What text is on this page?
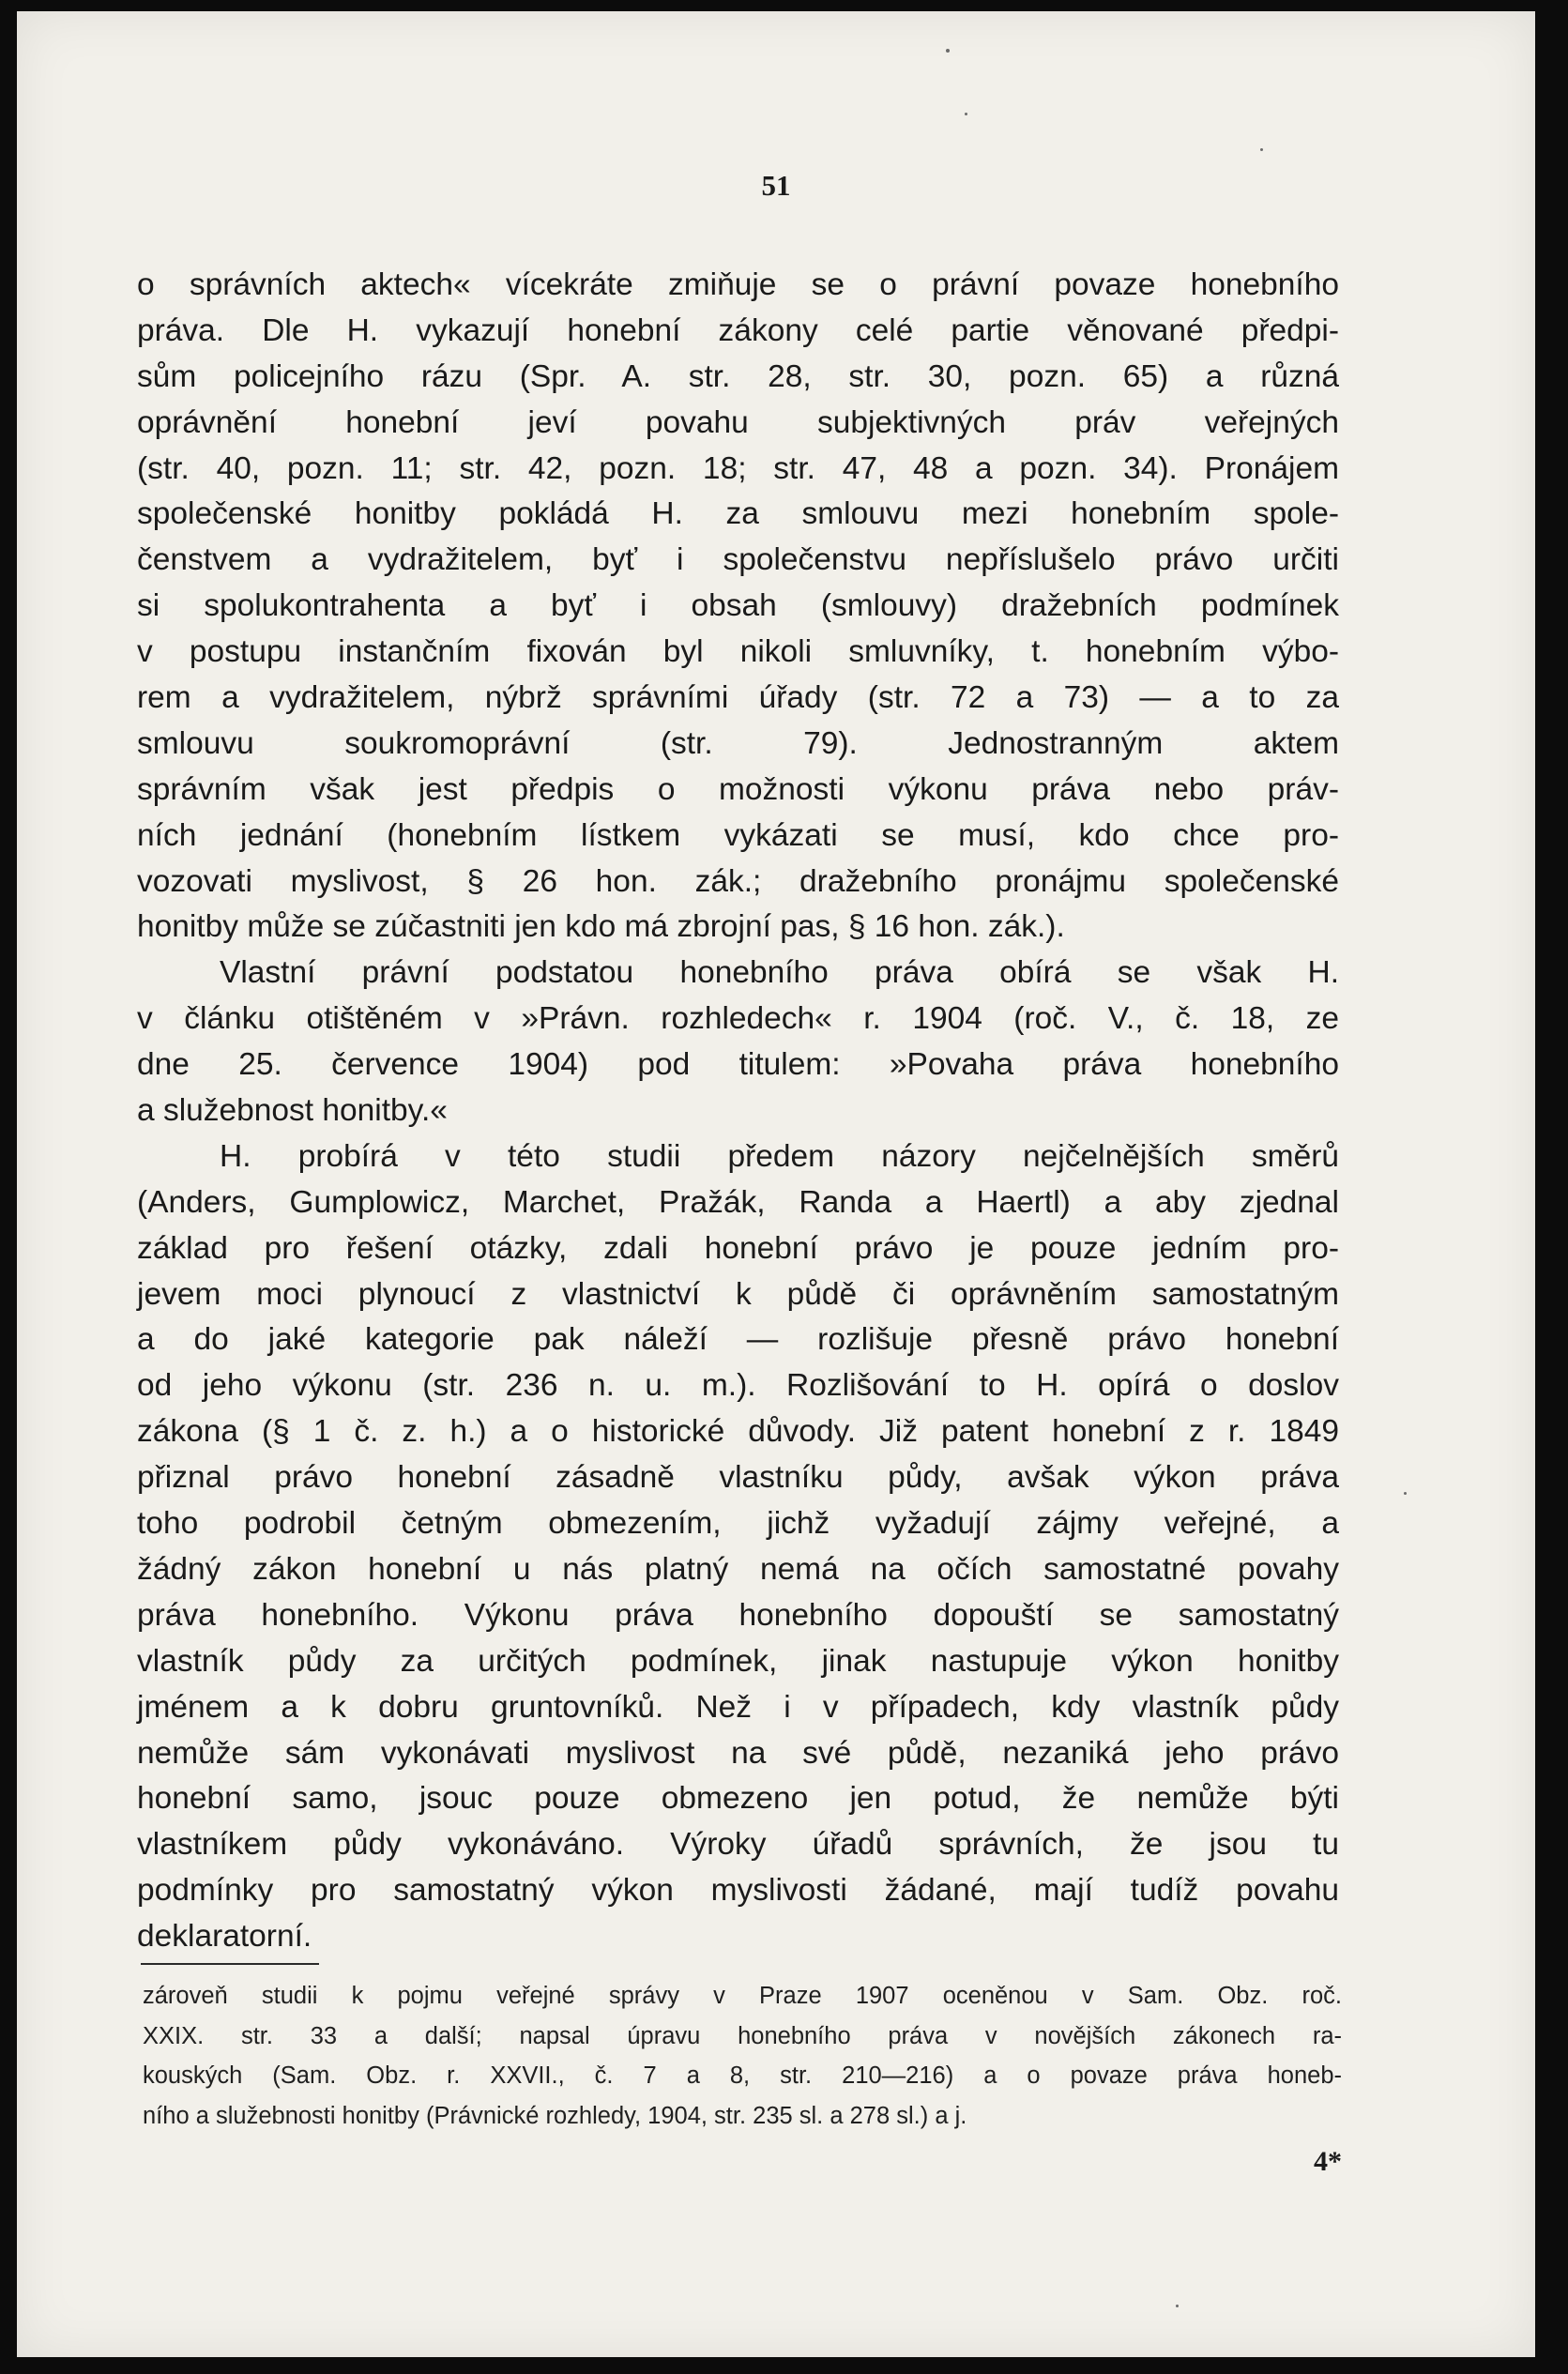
51
o správních aktech« vícekráte zmiňuje se o právní povaze honebního
práva. Dle H. vykazují honební zákony celé partie věnované předpi-
sům policejního rázu (Spr. A. str. 28, str. 30, pozn. 65) a různá
oprávnění honební jeví povahu subjektivných práv veřejných
(str. 40, pozn. 11; str. 42, pozn. 18; str. 47, 48 a pozn. 34). Pronájem
společenské honitby pokládá H. za smlouvu mezi honebním spole-
čenstvem a vydražitelem, byť i společenstvu nepříslušelo právo určiti
si spolukontrahenta a byť i obsah (smlouvy) dražebních podmínek
v postupu instančním fixován byl nikoli smluvníky, t. honebním výbo-
rem a vydražitelem, nýbrž správními úřady (str. 72 a 73) — a to za
smlouvu soukromoprávní (str. 79). Jednostranným aktem
správním však jest předpis o možnosti výkonu práva nebo práv-
ních jednání (honebním lístkem vykázati se musí, kdo chce pro-
vozovati myslivost, § 26 hon. zák.; dražebního pronájmu společenské
honitby může se zúčastniti jen kdo má zbrojní pas, § 16 hon. zák.).
Vlastní právní podstatou honebního práva obírá se však H.
v článku otištěném v »Právn. rozhledech« r. 1904 (roč. V., č. 18, ze
dne 25. července 1904) pod titulem: »Povaha práva honebního
a služebnost honitby.«
H. probírá v této studii předem názory nejčelnějších směrů
(Anders, Gumplowicz, Marchet, Pražák, Randa a Haertl) a aby zjednal
základ pro řešení otázky, zdali honební právo je pouze jedním pro-
jevem moci plynoucí z vlastnictví k půdě či oprávněním samostatným
a do jaké kategorie pak náleží — rozlišuje přesně právo honební
od jeho výkonu (str. 236 n. u. m.). Rozlišování to H. opírá o doslov
zákona (§ 1 č. z. h.) a o historické důvody. Již patent honební z r. 1849
přiznal právo honební zásadně vlastníku půdy, avšak výkon práva
toho podrobil četným obmezením, jichž vyžadují zájmy veřejné, a
žádný zákon honební u nás platný nemá na očích samostatné povahy
práva honebního. Výkonu práva honebního dopouští se samostatný
vlastník půdy za určitých podmínek, jinak nastupuje výkon honitby
jménem a k dobru gruntovníků. Než i v případech, kdy vlastník půdy
nemůže sám vykonávati myslivost na své půdě, nezaniká jeho právo
honební samo, jsouc pouze obmezeno jen potud, že nemůže býti
vlastníkem půdy vykonáváno. Výroky úřadů správních, že jsou tu
podmínky pro samostatný výkon myslivosti žádané, mají tudíž povahu
deklaratorní.
zároveň studii k pojmu veřejné správy v Praze 1907 oceněnou v Sam. Obz. roč.
XXIX. str. 33 a další; napsal úpravu honebního práva v novějších zákonech ra-
kouských (Sam. Obz. r. XXVII., č. 7 a 8, str. 210—216) a o povaze práva honeb-
ního a služebnosti honitby (Právnické rozhledy, 1904, str. 235 sl. a 278 sl.) a j.
4*
